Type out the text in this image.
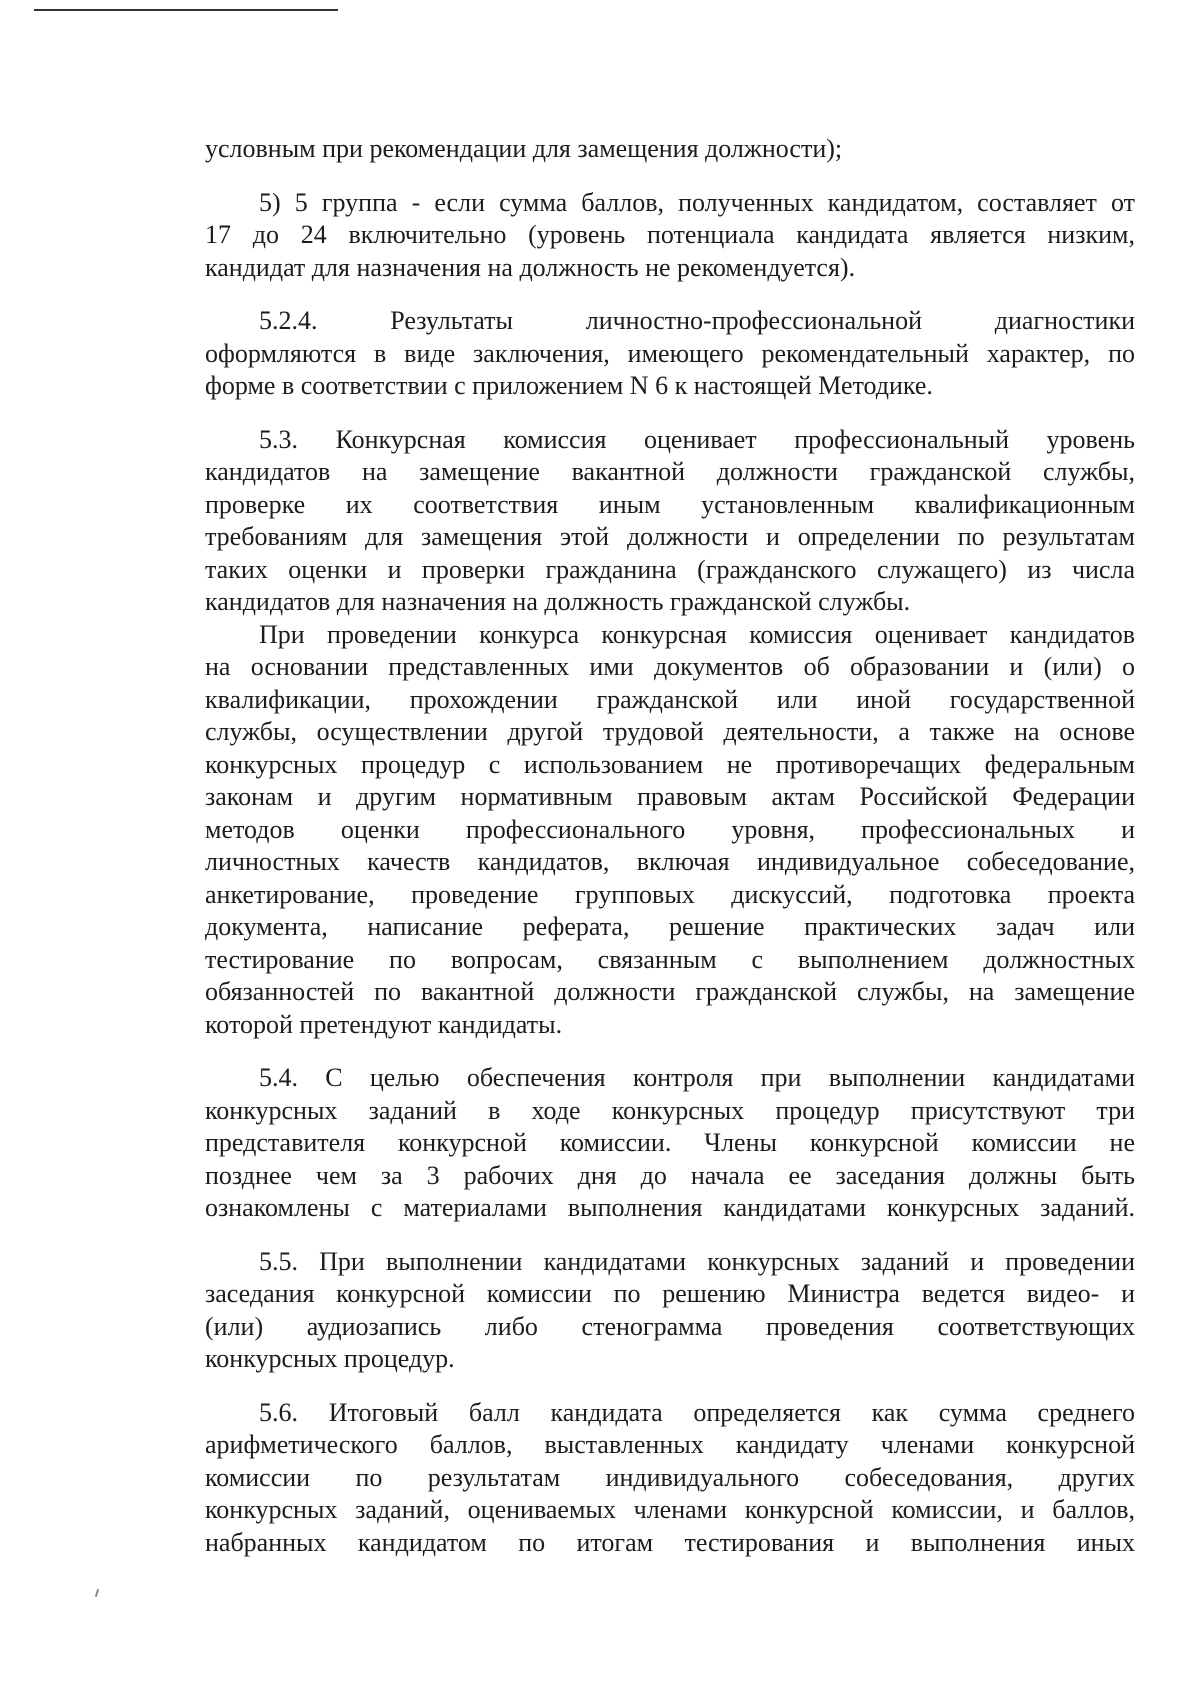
условным при рекомендации для замещения должности);
5) 5 группа - если сумма баллов, полученных кандидатом, составляет от
17 до 24 включительно (уровень потенциала кандидата является низким,
кандидат для назначения на должность не рекомендуется).
5.2.4. Результаты личностно-профессиональной диагностики
оформляются в виде заключения, имеющего рекомендательный характер, по
форме в соответствии с приложением N 6 к настоящей Методике.
5.3. Конкурсная комиссия оценивает профессиональный уровень
кандидатов на замещение вакантной должности гражданской службы,
проверке их соответствия иным установленным квалификационным
требованиям для замещения этой должности и определении по результатам
таких оценки и проверки гражданина (гражданского служащего) из числа
кандидатов для назначения на должность гражданской службы.
При проведении конкурса конкурсная комиссия оценивает кандидатов
на основании представленных ими документов об образовании и (или) о
квалификации, прохождении гражданской или иной государственной
службы, осуществлении другой трудовой деятельности, а также на основе
конкурсных процедур с использованием не противоречащих федеральным
законам и другим нормативным правовым актам Российской Федерации
методов оценки профессионального уровня, профессиональных и
личностных качеств кандидатов, включая индивидуальное собеседование,
анкетирование, проведение групповых дискуссий, подготовка проекта
документа, написание реферата, решение практических задач или
тестирование по вопросам, связанным с выполнением должностных
обязанностей по вакантной должности гражданской службы, на замещение
которой претендуют кандидаты.
5.4. С целью обеспечения контроля при выполнении кандидатами
конкурсных заданий в ходе конкурсных процедур присутствуют три
представителя конкурсной комиссии. Члены конкурсной комиссии не
позднее чем за 3 рабочих дня до начала ее заседания должны быть
ознакомлены с материалами выполнения кандидатами конкурсных заданий.
5.5. При выполнении кандидатами конкурсных заданий и проведении
заседания конкурсной комиссии по решению Министра ведется видео- и
(или) аудиозапись либо стенограмма проведения соответствующих
конкурсных процедур.
5.6. Итоговый балл кандидата определяется как сумма среднего
арифметического баллов, выставленных кандидату членами конкурсной
комиссии по результатам индивидуального собеседования, других
конкурсных заданий, оцениваемых членами конкурсной комиссии, и баллов,
набранных кандидатом по итогам тестирования и выполнения иных
